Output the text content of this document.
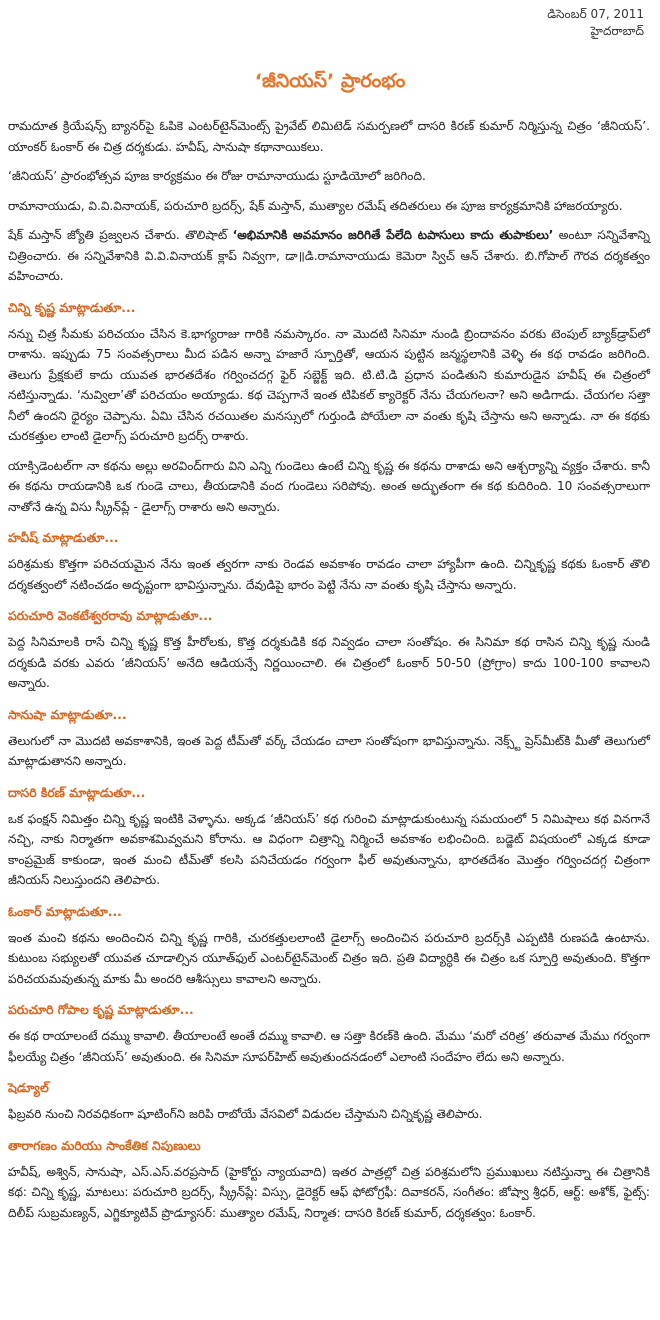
డిసెంబర్ 07, 2011
హైదరాబాద్
‘జీనియస్’ ప్రారంభం

రామదూత క్రియేషన్స్ బ్యానర్‌పై ఓపికె ఎంటర్‌టైన్‌మెంట్స్ ప్రైవేట్ లిమిటెడ్ సమర్పణలో దాసరి కిరణ్ కుమార్ నిర్మిస్తున్న చిత్రం ‘జీనియస్’. యాంకర్ ఓంకార్ ఈ చిత్ర దర్శకుడు. హవీష్, సానుషా కథానాయికలు.

‘జీనియస్’ ప్రారంభోత్సవ పూజ కార్యక్రమం ఈ రోజు రామానాయుడు స్టూడియోలో జరిగింది.

రామానాయుడు, వి.వి.వినాయక్, పరుచూరి బ్రదర్స్, షేక్ మస్తాన్, ముత్యాల రమేష్ తదితరులు ఈ పూజ కార్యక్రమానికి హాజరయ్యారు.

షేక్ మస్తాన్ జ్యోతి ప్రజ్వలన చేశారు. తొలిషాట్ ‘అభిమానికి అవమానం జరిగితే పేలేది టపాసులు కాదు తుపాకులు’ అంటూ సన్నివేశాన్ని చిత్రించారు. ఈ సన్నివేశానికి వి.వి.వినాయక్ క్లాప్ నివ్వగా, డా॥డి.రామానాయుడు కెమెరా స్విచ్ ఆన్ చేశారు. బి.గోపాల్ గౌరవ దర్శకత్వం వహించారు.

చిన్ని కృష్ణ మాట్లాడుతూ...

నన్ను చిత్ర సీమకు పరిచయం చేసిన కె.భాగ్యరాజు గారికి నమస్కారం. నా మొదటి సినిమా నుండి బ్రిందావనం వరకు టెంపుల్ బ్యాక్‌డ్రాప్‌లో రాశాను. ఇప్పుడు 75 సంవత్సరాలు మీద పడిన అన్నా హజారే స్పూర్తితో, ఆయన పుట్టిన జన్మస్థలానికి వెళ్ళి ఈ కథ రావడం జరిగింది. తెలుగు ప్రేక్షకులే కాదు యువత భారతదేశం గర్వించదగ్గ ఫైర్ సబ్జెక్ట్ ఇది. టి.టి.డి ప్రధాన పండితుని కుమారుడైన హవీష్ ఈ చిత్రంలో నటిస్తున్నాడు. ‘నువ్విలా’తో పరిచయం అయ్యాడు. కథ చెప్పగానే ఇంత టిపికల్ క్యారెక్టర్ నేను చేయగలనా? అని అడిగాడు. చేయగల సత్తా నీలో ఉందని ధైర్యం చెప్పాను. ఏమి చేసిన రచయితల మనస్సులో గుర్తుండి పోయేలా నా వంతు కృషి చేస్తాను అని అన్నాడు. నా ఈ కథకు చురకత్తుల లాంటి డైలాగ్స్ పరుచూరి బ్రదర్స్ రాశారు.

యాక్సిడెంటల్‌గా నా కథను అల్లు అరవింద్‌గారు విని ఎన్ని గుండెలు ఉంటే చిన్ని కృష్ణ ఈ కథను రాశాడు అని ఆశ్చర్యాన్ని వ్యక్తం చేశారు. కానీ ఈ కథను రాయడానికి ఒక గుండె చాలు, తీయడానికి వంద గుండెలు సరిపోవు. అంత అద్భుతంగా ఈ కథ కుదిరింది. 10 సంవత్సరాలుగా నాతోనే ఉన్న విసు స్క్రీన్‌ప్లే - డైలాగ్స్ రాశారు అని అన్నారు.

హవీష్ మాట్లాడుతూ...

పరిశ్రమకు కొత్తగా పరిచయమైన నేను ఇంత త్వరగా నాకు రెండవ అవకాశం రావడం చాలా హ్యాపీగా ఉంది. చిన్నికృష్ణ కథకు ఓంకార్ తొలి దర్శకత్వంలో నటించడం అదృష్టంగా భావిస్తున్నాను. దేవుడిపై భారం పెట్టి నేను నా వంతు కృషి చేస్తాను అన్నారు.

పరుచూరి వెంకటేశ్వరరావు మాట్లాడుతూ...

పెద్ద సినిమాలకి రాసే చిన్ని కృష్ణ కొత్త హీరోలకు, కొత్త దర్శకుడికి కథ నివ్వడం చాలా సంతోషం. ఈ సినిమా కథ రాసిన చిన్ని కృష్ణ నుండి దర్శకుడి వరకు ఎవరు ‘జీనియస్’ అనేది ఆడియన్సే నిర్ణయించాలి. ఈ చిత్రంలో ఓంకార్ 50-50 (ప్రోగ్రాం) కాదు 100-100 కావాలని అన్నారు.

సానుషా మాట్లాడుతూ...

తెలుగులో నా మొదటి అవకాశానికి, ఇంత పెద్ద టీమ్‌తో వర్క్ చేయడం చాలా సంతోషంగా భావిస్తున్నాను. నెక్స్ట్ ప్రెస్‌మీట్‌కి మీతో తెలుగులో మాట్లాడుతానని అన్నారు.

దాసరి కిరణ్ మాట్లాడుతూ...

ఒక ఫంక్షన్ నిమిత్తం చిన్ని కృష్ణ ఇంటికి వెళ్ళాను. అక్కడ ‘జీనియస్’ కథ గురించి మాట్లాడుకుంటున్న సమయంలో 5 నిమిషాలు కథ వినగానే నచ్చి, నాకు నిర్మాతగా అవకాశమివ్వమని కోరాను. ఆ విధంగా చిత్రాన్ని నిర్మించే అవకాశం లభించింది. బడ్జెట్ విషయంలో ఎక్కడ కూడా కాంప్రమైజ్ కాకుండా, ఇంత మంచి టీమ్‌తో కలసి పనిచేయడం గర్వంగా ఫీల్ అవుతున్నాను, భారతదేశం మొత్తం గర్వించదగ్గ చిత్రంగా జీనియస్ నిలుస్తుందని తెలిపారు.

ఓంకార్ మాట్లాడుతూ...

ఇంత మంచి కథను అందించిన చిన్ని కృష్ణ గారికి, చురకత్తులలాంటి డైలాగ్స్ అందించిన పరుచూరి బ్రదర్స్‌కి ఎప్పటికి రుణపడి ఉంటాను. కుటుంబ సభ్యులతో యువత చూడాల్సిన యూత్‌ఫుల్ ఎంటర్‌టైన్‌మెంట్ చిత్రం ఇది. ప్రతి విద్యార్ధికి ఈ చిత్రం ఒక స్పూర్తి అవుతుంది. కొత్తగా పరిచయమవుతున్న మాకు మీ అందరి ఆశీస్సులు కావాలని అన్నారు.

పరుచూరి గోపాల కృష్ణ మాట్లాడుతూ...

ఈ కథ రాయాలంటే దమ్ము కావాలి. తీయాలంటే అంతే దమ్ము కావాలి. ఆ సత్తా కిరణ్‌కి ఉంది. మేము ‘మరో చరిత్ర’ తరువాత మేము గర్వంగా ఫీలయ్యే చిత్రం ‘జీనియస్’ అవుతుంది. ఈ సినిమా సూపర్‌హిట్ అవుతుందనడంలో ఎలాంటి సందేహం లేదు అని అన్నారు.

షెడ్యూల్

ఫిబ్రవరి నుంచి నిరవధికంగా షూటింగ్‌ని జరిపి రాబోయే వేసవిలో విడుదల చేస్తామని చిన్నికృష్ణ తెలిపారు.

తారాగణం మరియు సాంకేతిక నిపుణులు

హవీష్, అశ్విన్, సానుషా, ఎస్.ఎస్.వరప్రసాద్ (హైకోర్టు న్యాయవాది) ఇతర పాత్రల్లో చిత్ర పరిశ్రమలోని ప్రముఖులు నటిస్తున్నా ఈ చిత్రానికి కథ: చిన్ని కృష్ణ, మాటలు: పరుచూరి బ్రదర్స్, స్క్రీన్‌ప్లే: విస్సు, డైరెక్టర్ ఆఫ్ ఫోటోగ్రఫీ: దివాకరన్, సంగీతం: జోష్వా శ్రీధర్, ఆర్ట్: అశోక్, ఫైట్స్: దిలీప్ సుబ్రమణ్యన్, ఎగ్జిక్యూటివ్ ప్రొడ్యూసర్: ముత్యాల రమేష్, నిర్మాత: దాసరి కిరణ్ కుమార్, దర్శకత్వం: ఓంకార్.
